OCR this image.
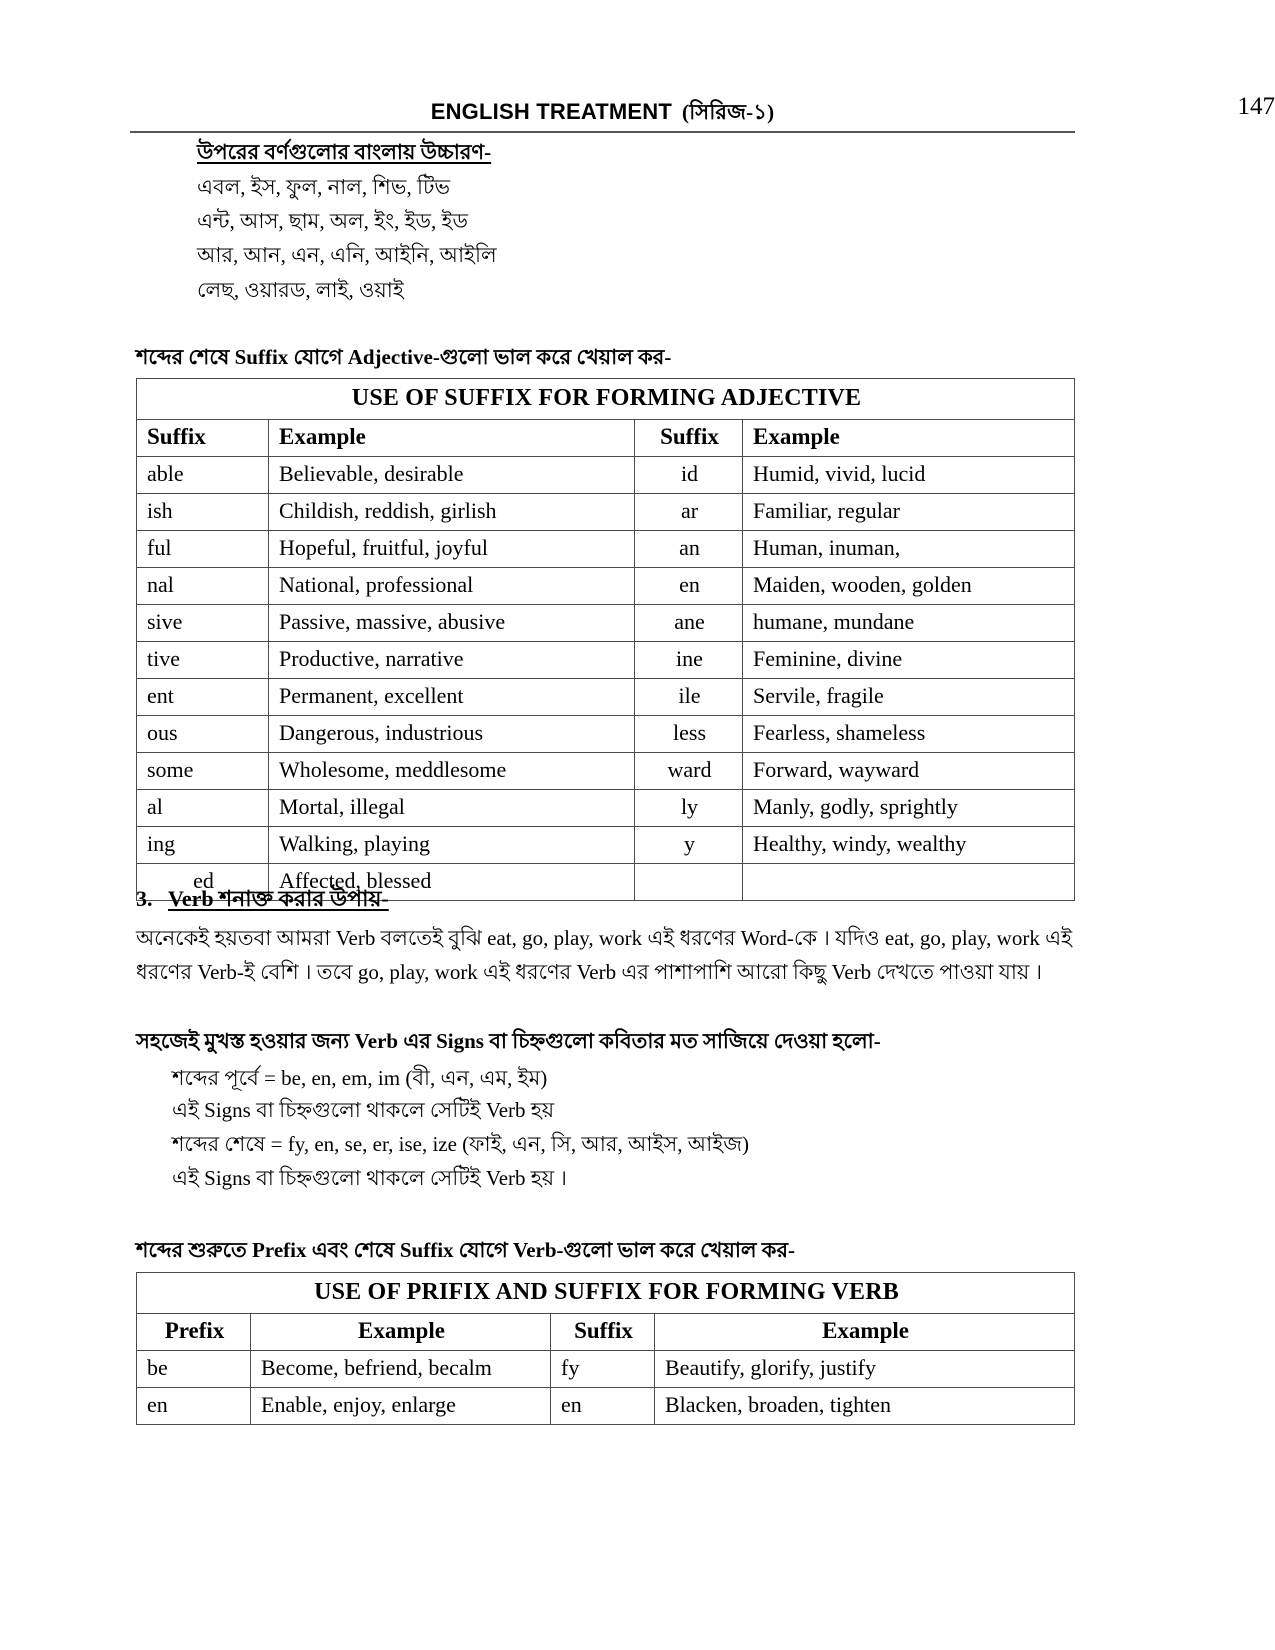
ENGLISH TREATMENT (সিরিজ-১)	147
উপরের বর্ণগুলোর বাংলায় উচ্চারণ-
এবল, ইস, ফুল, নাল, শিভ, টিভ
এন্ট, আস, ছাম, অল, ইং, ইড, ইড
আর, আন, এন, এনি, আইনি, আইলি
লেছ, ওয়ারড, লাই, ওয়াই
শব্দের শেষে Suffix যোগে Adjective-গুলো ভাল করে খেয়াল কর-
USE OF SUFFIX FOR FORMING ADJECTIVE			
Suffix	Example	Suffix	Example
able	Believable, desirable	id	Humid, vivid, lucid
ish	Childish, reddish, girlish	ar	Familiar, regular
ful	Hopeful, fruitful, joyful	an	Human, inuman,
nal	National, professional	en	Maiden, wooden, golden
sive	Passive, massive, abusive	ane	humane, mundane
tive	Productive, narrative	ine	Feminine, divine
ent	Permanent, excellent	ile	Servile, fragile
ous	Dangerous, industrious	less	Fearless, shameless
some	Wholesome, meddlesome	ward	Forward, wayward
al	Mortal, illegal	ly	Manly, godly, sprightly
ing	Walking, playing	y	Healthy, windy, wealthy
ed	Affected, blessed		
3. Verb শনাক্ত করার উপায়-
অনেকেই হয়তবা আমরা Verb বলতেই বুঝি eat, go, play, work এই ধরণের Word-কে । যদিও eat, go, play, work এই
ধরণের Verb-ই বেশি । তবে go, play, work এই ধরণের Verb এর পাশাপাশি আরো কিছু Verb দেখতে পাওয়া যায় ।
সহজেই মুখস্ত হওয়ার জন্য Verb এর Signs বা চিহ্নগুলো কবিতার মত সাজিয়ে দেওয়া হলো-
শব্দের পূর্বে = be, en, em, im (বী, এন, এম, ইম)
এই Signs বা চিহ্নগুলো থাকলে সেটিই Verb হয়
শব্দের শেষে = fy, en, se, er, ise, ize (ফাই, এন, সি, আর, আইস, আইজ)
এই Signs বা চিহ্নগুলো থাকলে সেটিই Verb হয় ।
শব্দের শুরুতে Prefix এবং শেষে Suffix যোগে Verb-গুলো ভাল করে খেয়াল কর-
USE OF PRIFIX AND SUFFIX FOR FORMING VERB			
Prefix	Example	Suffix	Example
be	Become, befriend, becalm	fy	Beautify, glorify, justify
en	Enable, enjoy, enlarge	en	Blacken, broaden, tighten
